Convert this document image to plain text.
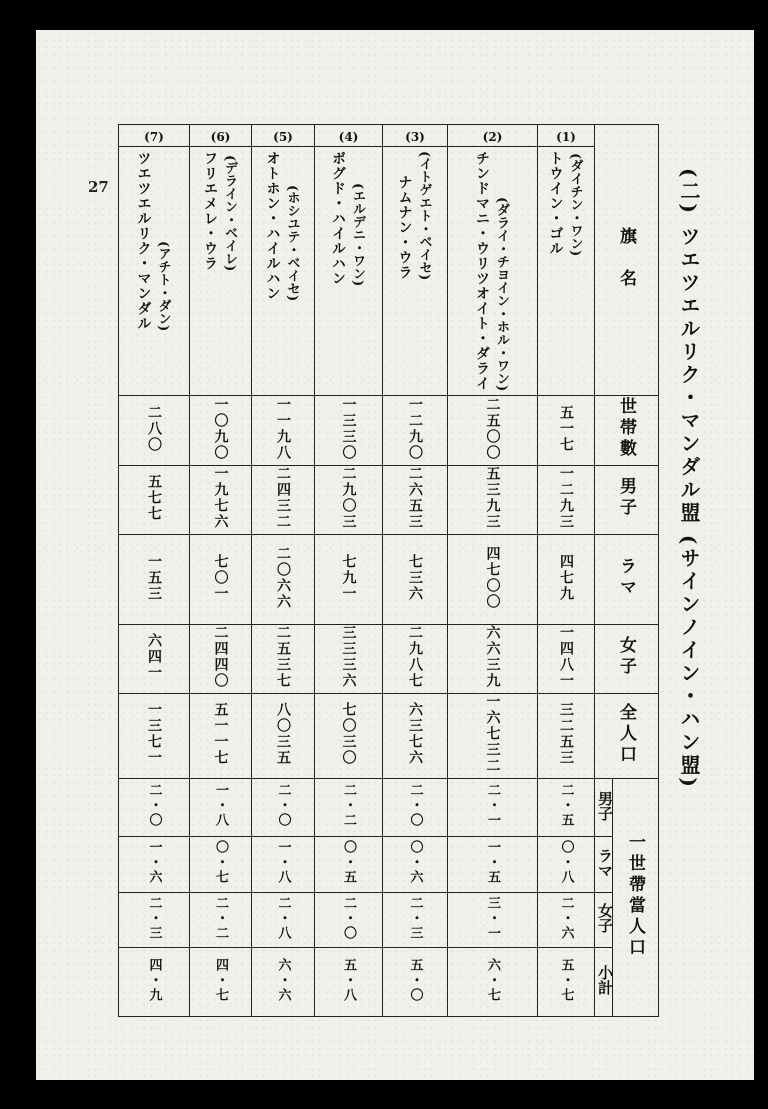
27	(二) ツエツエルリク・マンダル盟 (サインノイン・ハン盟)
(7)	(6)	(5)	(4)	(3)	(2)	(1)	旗　名	
ツエツエルリク・マンダル (アチト・ダン)	フリエメレ・ウラ (デライン・ベイレ)	オトホン・ハイルハン (ホシユテ・ベイセ)	ボグド・ハイルハン (エルデニ・ワン)	ナムナン・ウラ (イトゲエト・ベイセ)	チンドマニ・ウリツオイト・ダライ (ダライ・チヨイン・ホル・ワン)	トウイン・ゴル (ダイチン・ワン)		
二八〇	一〇九〇	一一九八	一三三〇	一二九〇	二五〇〇	五一七	世帯數	
五七七	一九七六	二四三二	二九〇三	二六五三	五三九三	一二九三	男子	
一五三	七〇一	二〇六六	七九一	七三六	四七〇〇	四七九	ラマ	
六四一	二四四〇	二五三七	三三三六	二九八七	六六三九	一四八一	女子	
一三七一	五一一七	八〇三五	七〇三〇	六三七六	一六七三二	三二五三	全人口	
二・〇	一・八	二・〇	二・二	二・〇	二・一	二・五	男子	一世帶當人口
一・六	〇・七	一・八	〇・五	〇・六	一・五	〇・八	ラマ	
二・三	二・二	二・八	二・〇	二・三	三・一	二・六	女子	
四・九	四・七	六・六	五・八	五・〇	六・七	五・七	小計	
